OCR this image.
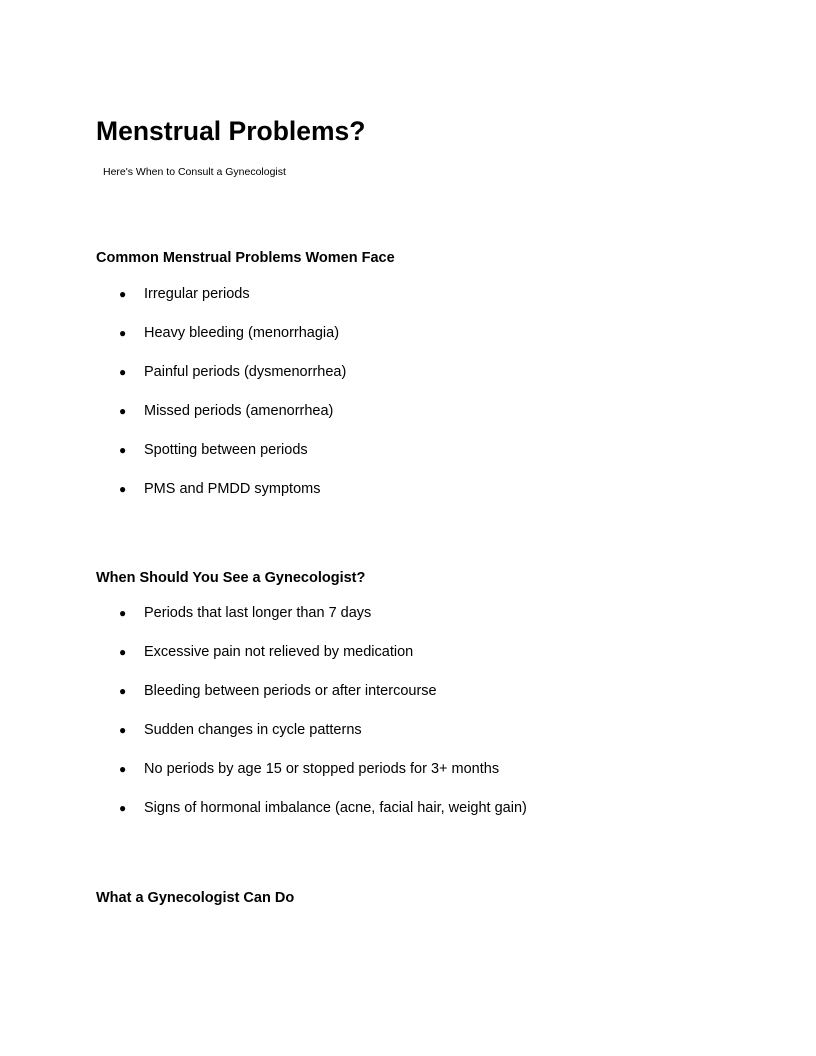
Menstrual Problems?

Here's When to Consult a Gynecologist

Common Menstrual Problems Women Face
● Irregular periods
● Heavy bleeding (menorrhagia)
● Painful periods (dysmenorrhea)
● Missed periods (amenorrhea)
● Spotting between periods
● PMS and PMDD symptoms
When Should You See a Gynecologist?
● Periods that last longer than 7 days
● Excessive pain not relieved by medication
● Bleeding between periods or after intercourse
● Sudden changes in cycle patterns
● No periods by age 15 or stopped periods for 3+ months
● Signs of hormonal imbalance (acne, facial hair, weight gain)
What a Gynecologist Can Do
